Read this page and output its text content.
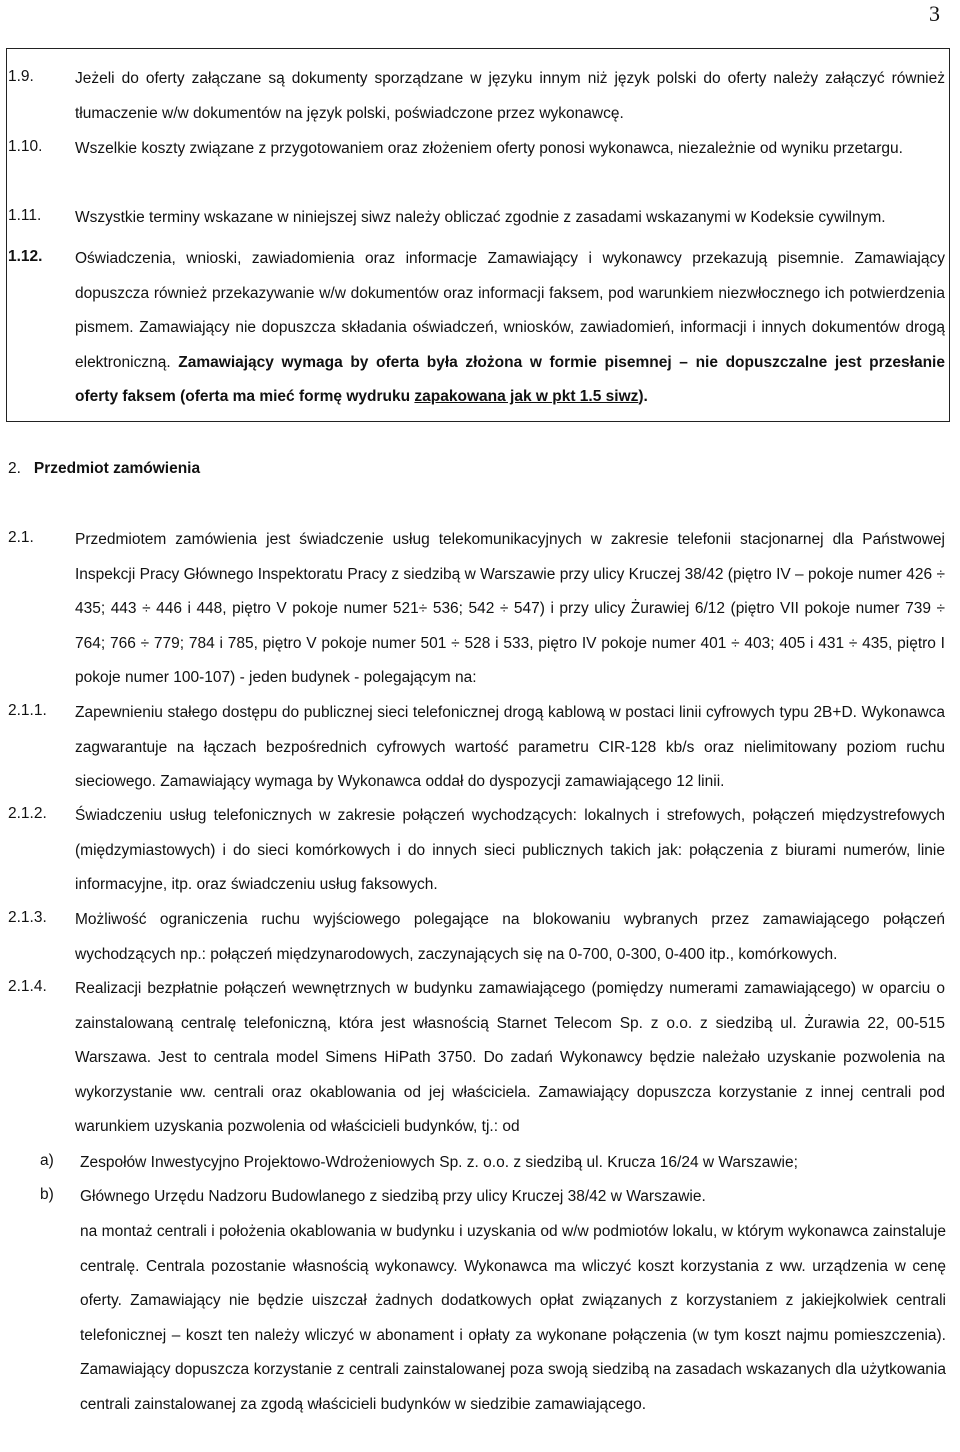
3
1.9.	Jeżeli do oferty załączane są dokumenty sporządzane w języku innym niż język polski do oferty należy załączyć również tłumaczenie w/w dokumentów na język polski, poświadczone przez wykonawcę.
1.10. Wszelkie koszty związane z przygotowaniem oraz złożeniem oferty ponosi wykonawca, niezależnie od wyniku przetargu.
1.11. Wszystkie terminy wskazane w niniejszej siwz należy obliczać zgodnie z zasadami wskazanymi w Kodeksie cywilnym.
1.12. Oświadczenia, wnioski, zawiadomienia oraz informacje Zamawiający i wykonawcy przekazują pisemnie. Zamawiający dopuszcza również przekazywanie w/w dokumentów oraz informacji faksem, pod warunkiem niezwłocznego ich potwierdzenia pismem. Zamawiający nie dopuszcza składania oświadczeń, wniosków, zawiadomień, informacji i innych dokumentów drogą elektroniczną. Zamawiający wymaga by oferta była złożona w formie pisemnej – nie dopuszczalne jest przesłanie oferty faksem (oferta ma mieć formę wydruku zapakowana jak w pkt 1.5 siwz).
2. Przedmiot zamówienia
2.1.	Przedmiotem zamówienia jest świadczenie usług telekomunikacyjnych w zakresie telefonii stacjonarnej dla Państwowej Inspekcji Pracy Głównego Inspektoratu Pracy z siedzibą w Warszawie przy ulicy Kruczej 38/42 (piętro IV – pokoje numer 426 ÷ 435; 443 ÷ 446 i 448, piętro V pokoje numer 521÷ 536; 542 ÷ 547) i przy ulicy Żurawiej 6/12 (piętro VII pokoje numer 739 ÷ 764; 766 ÷ 779; 784 i 785, piętro V pokoje numer 501 ÷ 528 i 533, piętro IV pokoje numer 401 ÷ 403; 405 i 431 ÷ 435, piętro I pokoje numer 100-107) - jeden budynek - polegającym na:
2.1.1. Zapewnieniu stałego dostępu do publicznej sieci telefonicznej drogą kablową w postaci linii cyfrowych typu 2B+D. Wykonawca zagwarantuje na łączach bezpośrednich cyfrowych wartość parametru CIR-128 kb/s oraz nielimitowany poziom ruchu sieciowego. Zamawiający wymaga by Wykonawca oddał do dyspozycji zamawiającego 12 linii.
2.1.2. Świadczeniu usług telefonicznych w zakresie połączeń wychodzących: lokalnych i strefowych, połączeń międzystrefowych (międzymiastowych) i do sieci komórkowych i do innych sieci publicznych takich jak: połączenia z biurami numerów, linie informacyjne, itp. oraz świadczeniu usług faksowych.
2.1.3. Możliwość ograniczenia ruchu wyjściowego polegające na blokowaniu wybranych przez zamawiającego połączeń wychodzących np.: połączeń międzynarodowych, zaczynających się na 0-700, 0-300, 0-400 itp., komórkowych.
2.1.4. Realizacji bezpłatnie połączeń wewnętrznych w budynku zamawiającego (pomiędzy numerami zamawiającego) w oparciu o zainstalowaną centralę telefoniczną, która jest własnością Starnet Telecom Sp. z o.o. z siedzibą ul. Żurawia 22, 00-515 Warszawa. Jest to centrala model Simens HiPath 3750. Do zadań Wykonawcy będzie należało uzyskanie pozwolenia na wykorzystanie ww. centrali oraz okablowania od jej właściciela. Zamawiający dopuszcza korzystanie z innej centrali pod warunkiem uzyskania pozwolenia od właścicieli budynków, tj.: od
a) Zespołów Inwestycyjno Projektowo-Wdrożeniowych Sp. z. o.o. z siedzibą ul. Krucza 16/24 w Warszawie;
b) Głównego Urzędu Nadzoru Budowlanego z siedzibą przy ulicy Kruczej 38/42 w Warszawie.
na montaż centrali i położenia okablowania w budynku i uzyskania od w/w podmiotów lokalu, w którym wykonawca zainstaluje centralę. Centrala pozostanie własnością wykonawcy. Wykonawca ma wliczyć koszt korzystania z ww. urządzenia w cenę oferty. Zamawiający nie będzie uiszczał żadnych dodatkowych opłat związanych z korzystaniem z jakiejkolwiek centrali telefonicznej – koszt ten należy wliczyć w abonament i opłaty za wykonane połączenia (w tym koszt najmu pomieszczenia). Zamawiający dopuszcza korzystanie z centrali zainstalowanej poza swoją siedzibą na zasadach wskazanych dla użytkowania centrali zainstalowanej za zgodą właścicieli budynków w siedzibie zamawiającego.
